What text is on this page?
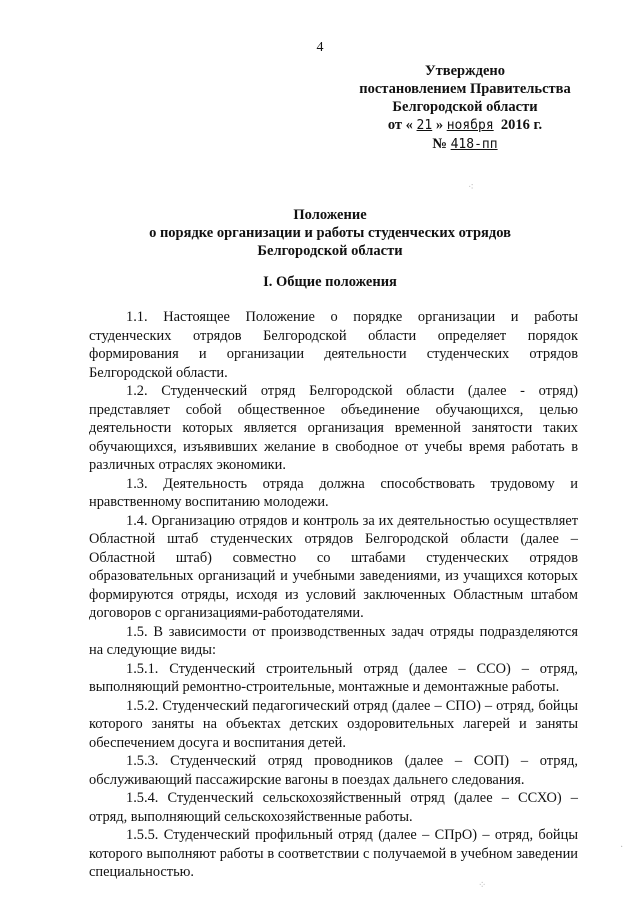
4
Утверждено
постановлением Правительства
Белгородской области
от « 21 » ноября 2016 г.
№ 418-пп
⁖
Положение
о порядке организации и работы студенческих отрядов
Белгородской области
I. Общие положения

1.1. Настоящее Положение о порядке организации и работы студенческих отрядов Белгородской области определяет порядок формирования и организации деятельности студенческих отрядов Белгородской области.

1.2. Студенческий отряд Белгородской области (далее - отряд) представляет собой общественное объединение обучающихся, целью деятельности которых является организация временной занятости таких обучающихся, изъявивших желание в свободное от учебы время работать в различных отраслях экономики.

1.3. Деятельность отряда должна способствовать трудовому и нравственному воспитанию молодежи.

1.4. Организацию отрядов и контроль за их деятельностью осуществляет Областной штаб студенческих отрядов Белгородской области (далее – Областной штаб) совместно со штабами студенческих отрядов образовательных организаций и учебными заведениями, из учащихся которых формируются отряды, исходя из условий заключенных Областным штабом договоров с организациями-работодателями.

1.5. В зависимости от производственных задач отряды подразделяются на следующие виды:

1.5.1. Студенческий строительный отряд (далее – ССО) – отряд, выполняющий ремонтно-строительные, монтажные и демонтажные работы.

1.5.2. Студенческий педагогический отряд (далее – СПО) – отряд, бойцы которого заняты на объектах детских оздоровительных лагерей и заняты обеспечением досуга и воспитания детей.

1.5.3. Студенческий отряд проводников (далее – СОП) – отряд, обслуживающий пассажирские вагоны в поездах дальнего следования.

1.5.4. Студенческий сельскохозяйственный отряд (далее – ССХО) – отряд, выполняющий сельскохозяйственные работы.

1.5.5. Студенческий профильный отряд (далее – СПрО) – отряд, бойцы которого выполняют работы в соответствии с получаемой в учебном заведении специальностью.

·
⁘
